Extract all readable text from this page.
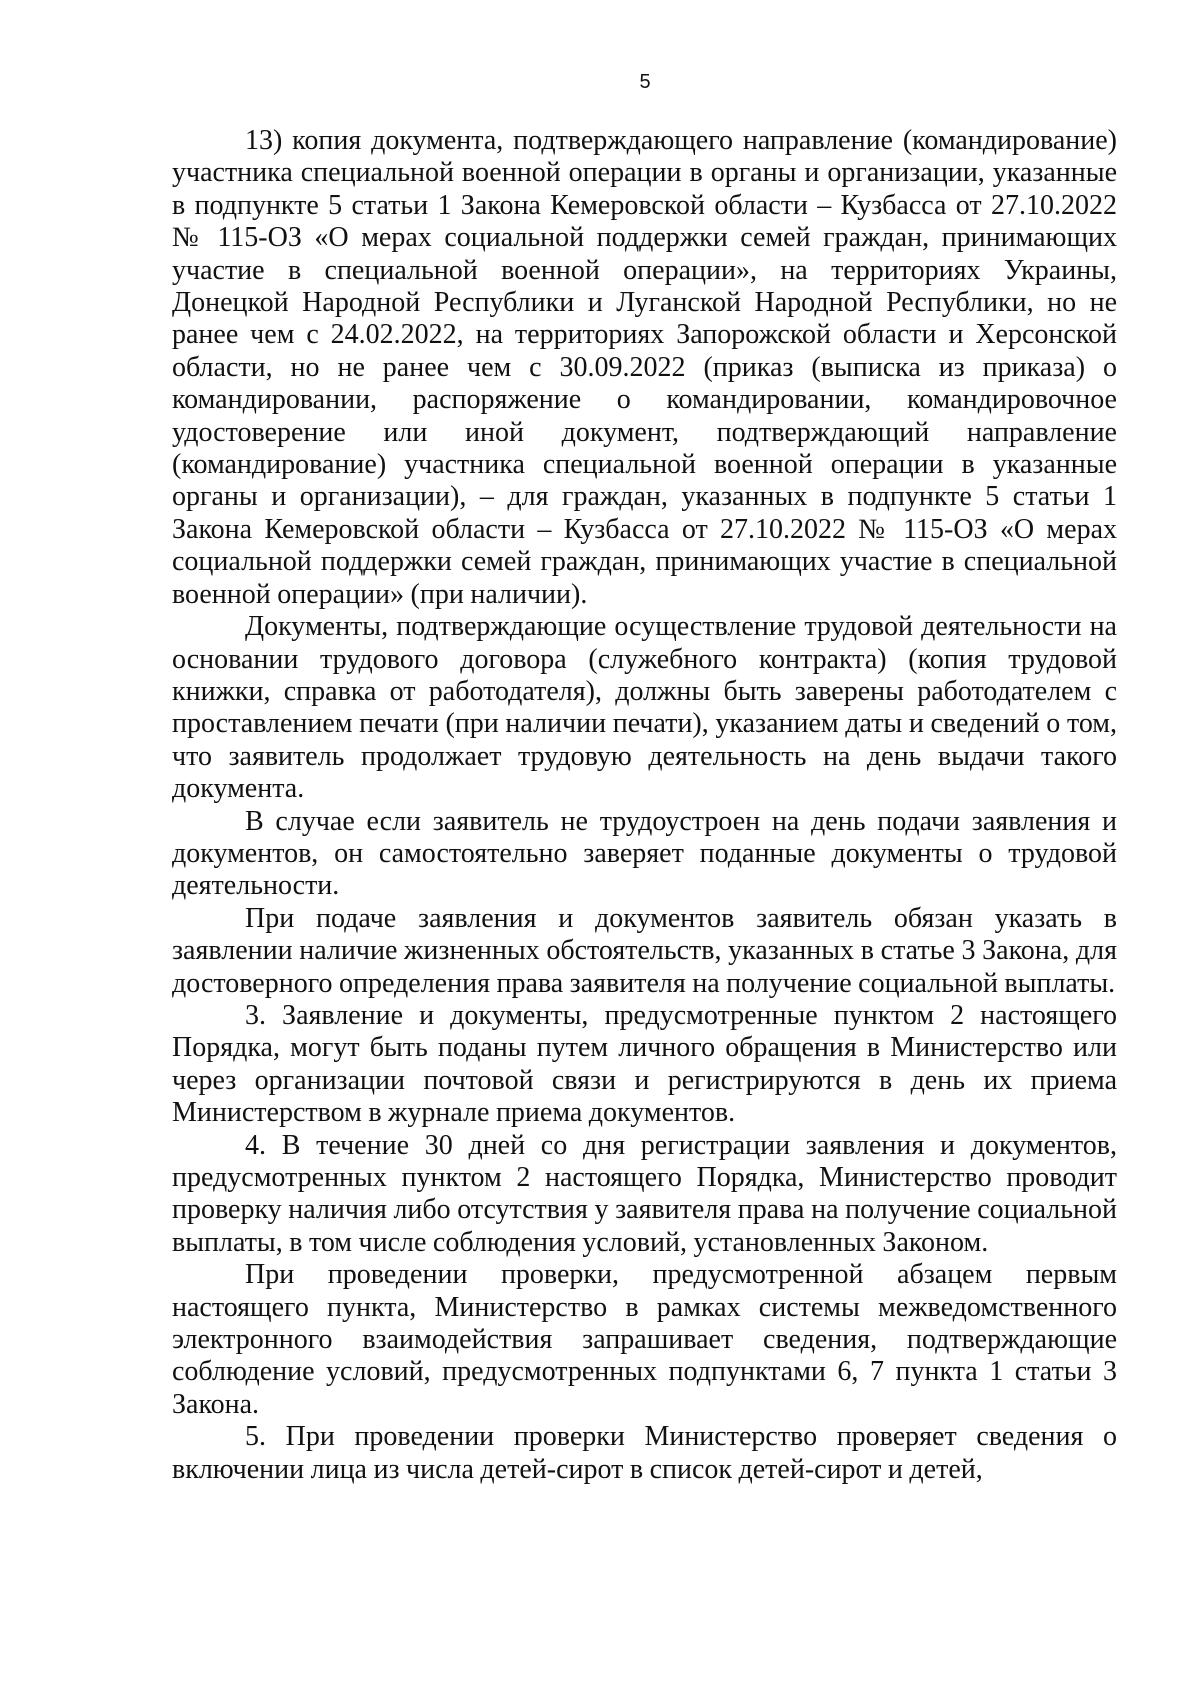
5

13) копия документа, подтверждающего направление (командирование) участника специальной военной операции в органы и организации, указанные в подпункте 5 статьи 1 Закона Кемеровской области – Кузбасса от 27.10.2022 № 115-ОЗ «О мерах социальной поддержки семей граждан, принимающих участие в специальной военной операции», на территориях Украины, Донецкой Народной Республики и Луганской Народной Республики, но не ранее чем с 24.02.2022, на территориях Запорожской области и Херсонской области, но не ранее чем с 30.09.2022 (приказ (выписка из приказа) о командировании, распоряжение о командировании, командировочное удостоверение или иной документ, подтверждающий направление (командирование) участника специальной военной операции в указанные органы и организации), – для граждан, указанных в подпункте 5 статьи 1 Закона Кемеровской области – Кузбасса от 27.10.2022 № 115-ОЗ «О мерах социальной поддержки семей граждан, принимающих участие в специальной военной операции» (при наличии).

Документы, подтверждающие осуществление трудовой деятельности на основании трудового договора (служебного контракта) (копия трудовой книжки, справка от работодателя), должны быть заверены работодателем с проставлением печати (при наличии печати), указанием даты и сведений о том, что заявитель продолжает трудовую деятельность на день выдачи такого документа.

В случае если заявитель не трудоустроен на день подачи заявления и документов, он самостоятельно заверяет поданные документы о трудовой деятельности.

При подаче заявления и документов заявитель обязан указать в заявлении наличие жизненных обстоятельств, указанных в статье 3 Закона, для достоверного определения права заявителя на получение социальной выплаты.

3. Заявление и документы, предусмотренные пунктом 2 настоящего Порядка, могут быть поданы путем личного обращения в Министерство или через организации почтовой связи и регистрируются в день их приема Министерством в журнале приема документов.

4. В течение 30 дней со дня регистрации заявления и документов, предусмотренных пунктом 2 настоящего Порядка, Министерство проводит проверку наличия либо отсутствия у заявителя права на получение социальной выплаты, в том числе соблюдения условий, установленных Законом.

При проведении проверки, предусмотренной абзацем первым настоящего пункта, Министерство в рамках системы межведомственного электронного взаимодействия запрашивает сведения, подтверждающие соблюдение условий, предусмотренных подпунктами 6, 7 пункта 1 статьи 3 Закона.

5. При проведении проверки Министерство проверяет сведения о включении лица из числа детей-сирот в список детей-сирот и детей,
